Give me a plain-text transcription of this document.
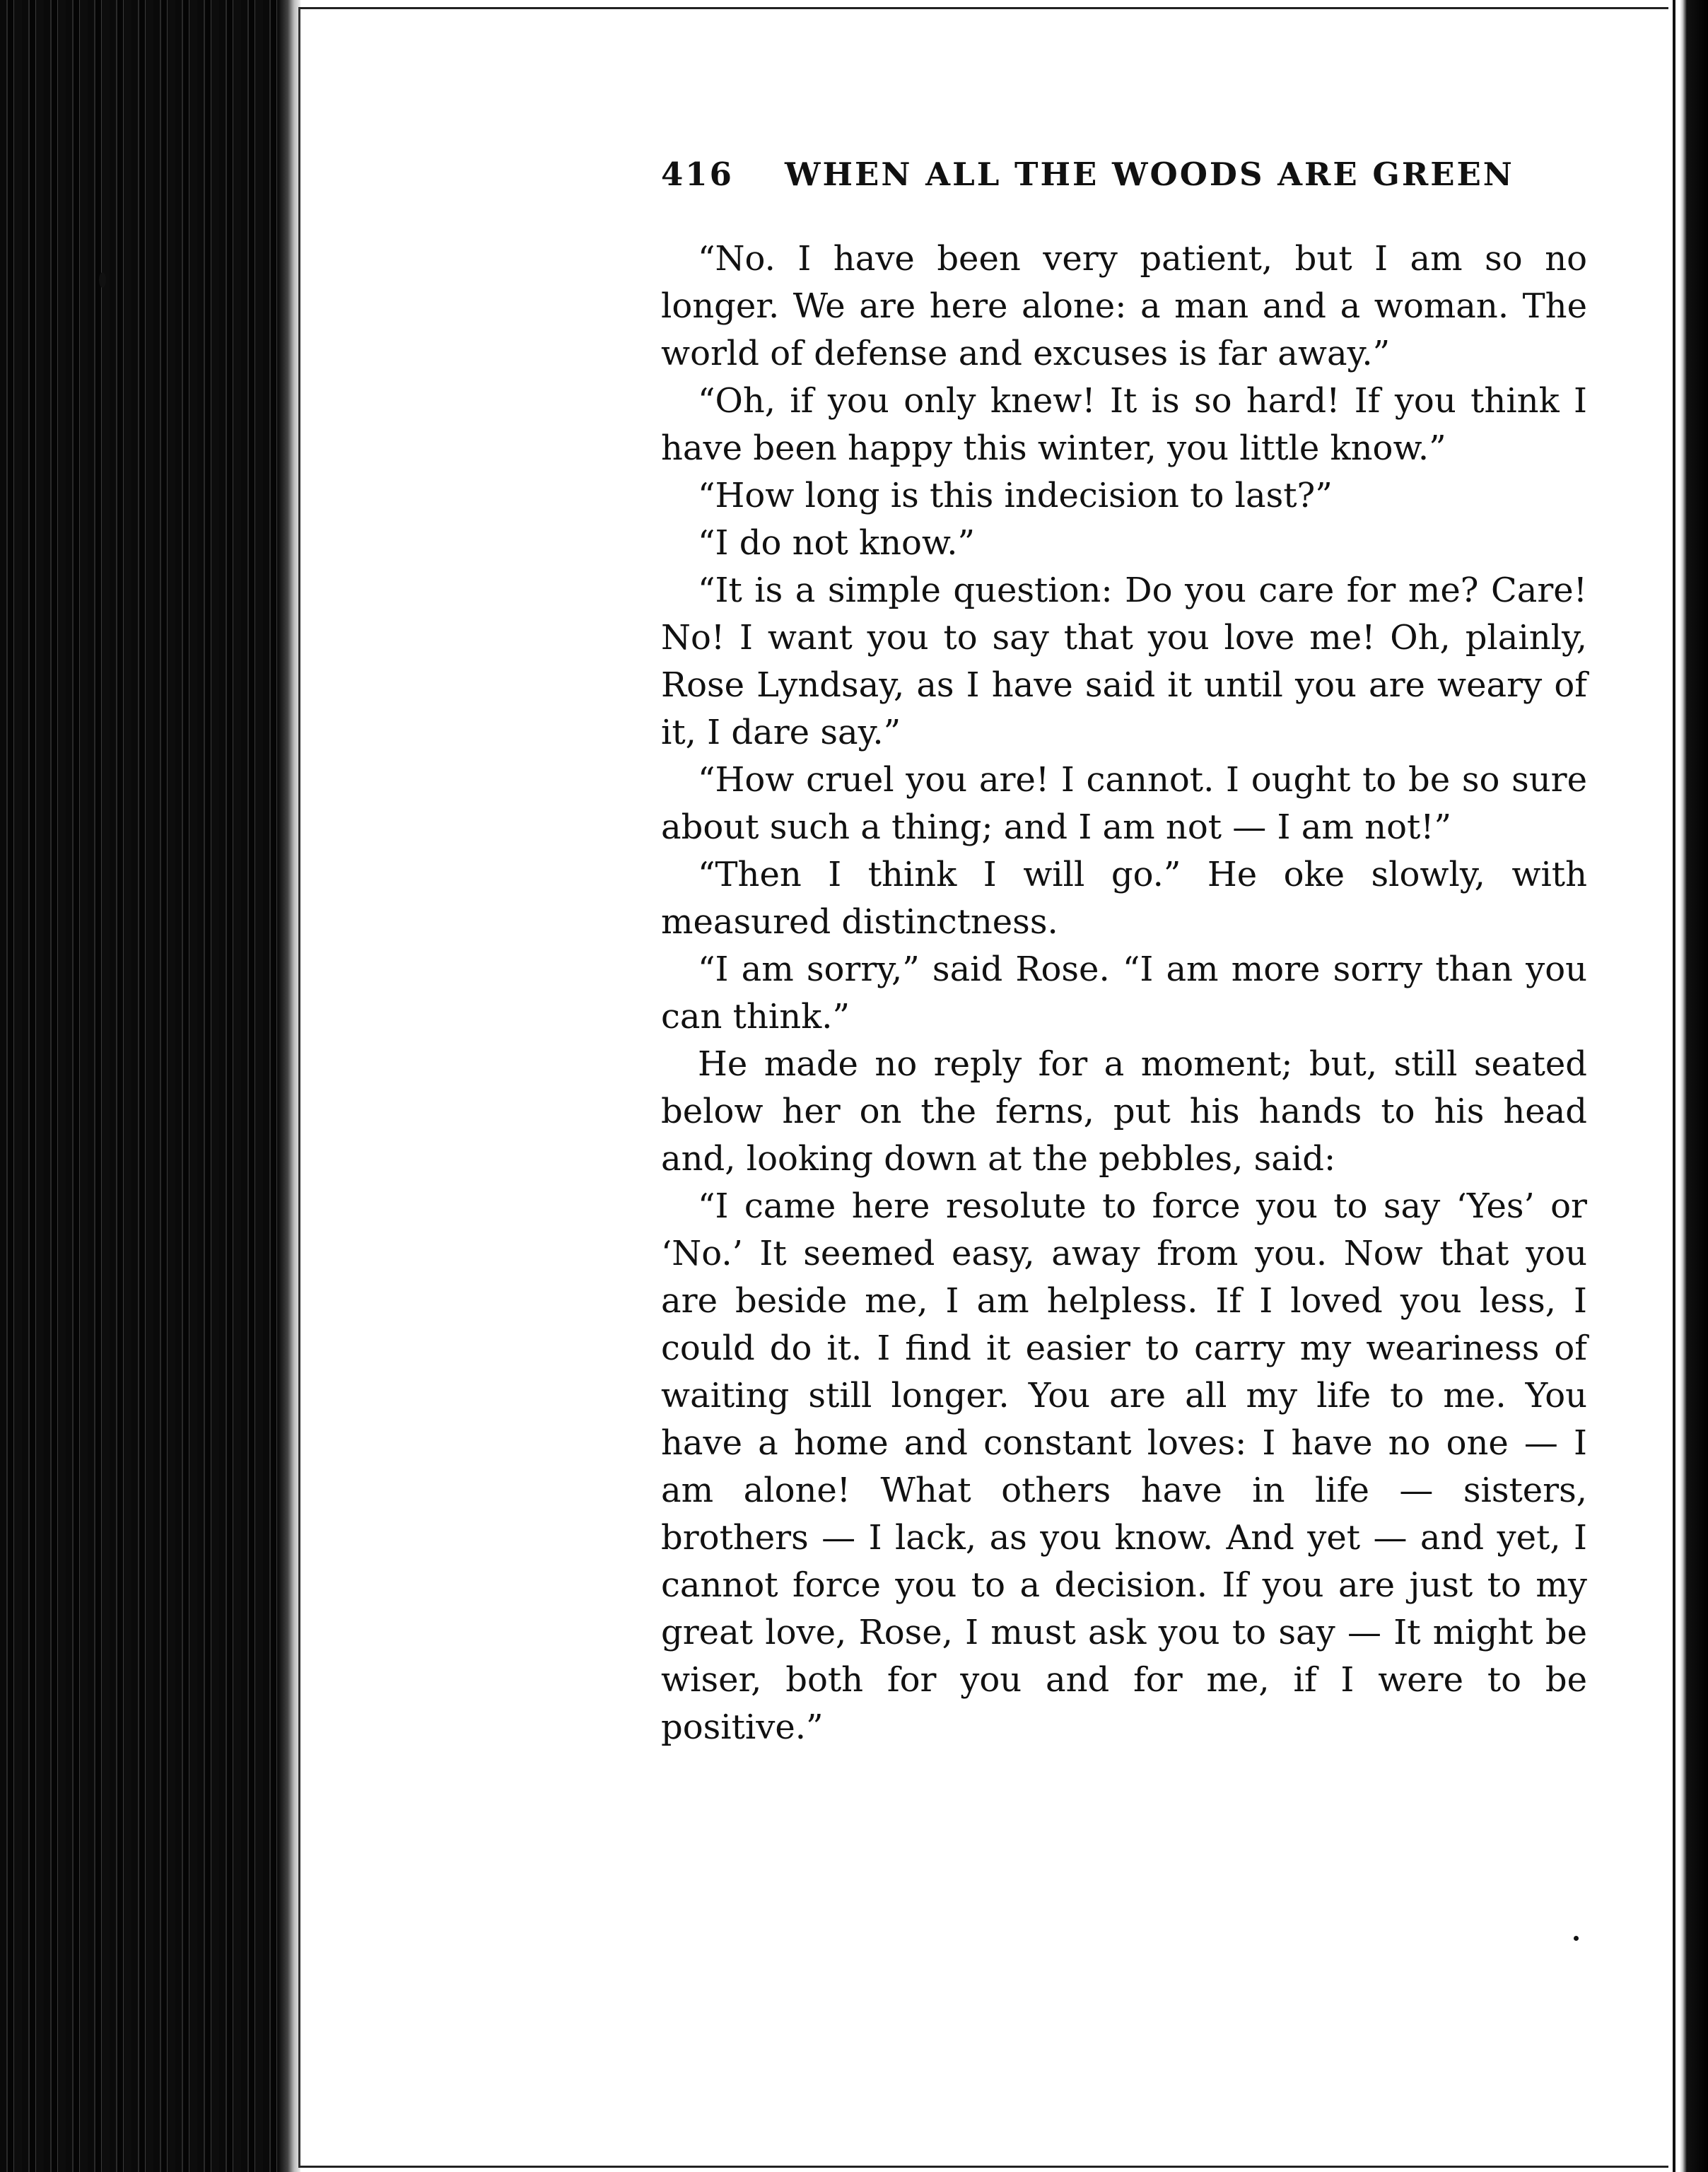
416 WHEN ALL THE WOODS ARE GREEN

“No. I have been very patient, but I am so no longer. We are here alone: a man and a woman. The world of defense and excuses is far away.”

“Oh, if you only knew! It is so hard! If you think I have been happy this winter, you little know.”

“How long is this indecision to last?”

“I do not know.”

“It is a simple question: Do you care for me? Care! No! I want you to say that you love me! Oh, plainly, Rose Lyndsay, as I have said it until you are weary of it, I dare say.”

“How cruel you are! I cannot. I ought to be so sure about such a thing; and I am not — I am not!”

“Then I think I will go.” He oke slowly, with measured distinctness.

“I am sorry,” said Rose. “I am more sorry than you can think.”

He made no reply for a moment; but, still seated below her on the ferns, put his hands to his head and, looking down at the pebbles, said:

“I came here resolute to force you to say ‘Yes’ or ‘No.’ It seemed easy, away from you. Now that you are beside me, I am helpless. If I loved you less, I could do it. I find it easier to carry my weariness of waiting still longer. You are all my life to me. You have a home and constant loves: I have no one — I am alone! What others have in life — sisters, brothers — I lack, as you know. And yet — and yet, I cannot force you to a decision. If you are just to my great love, Rose, I must ask you to say — It might be wiser, both for you and for me, if I were to be positive.”
